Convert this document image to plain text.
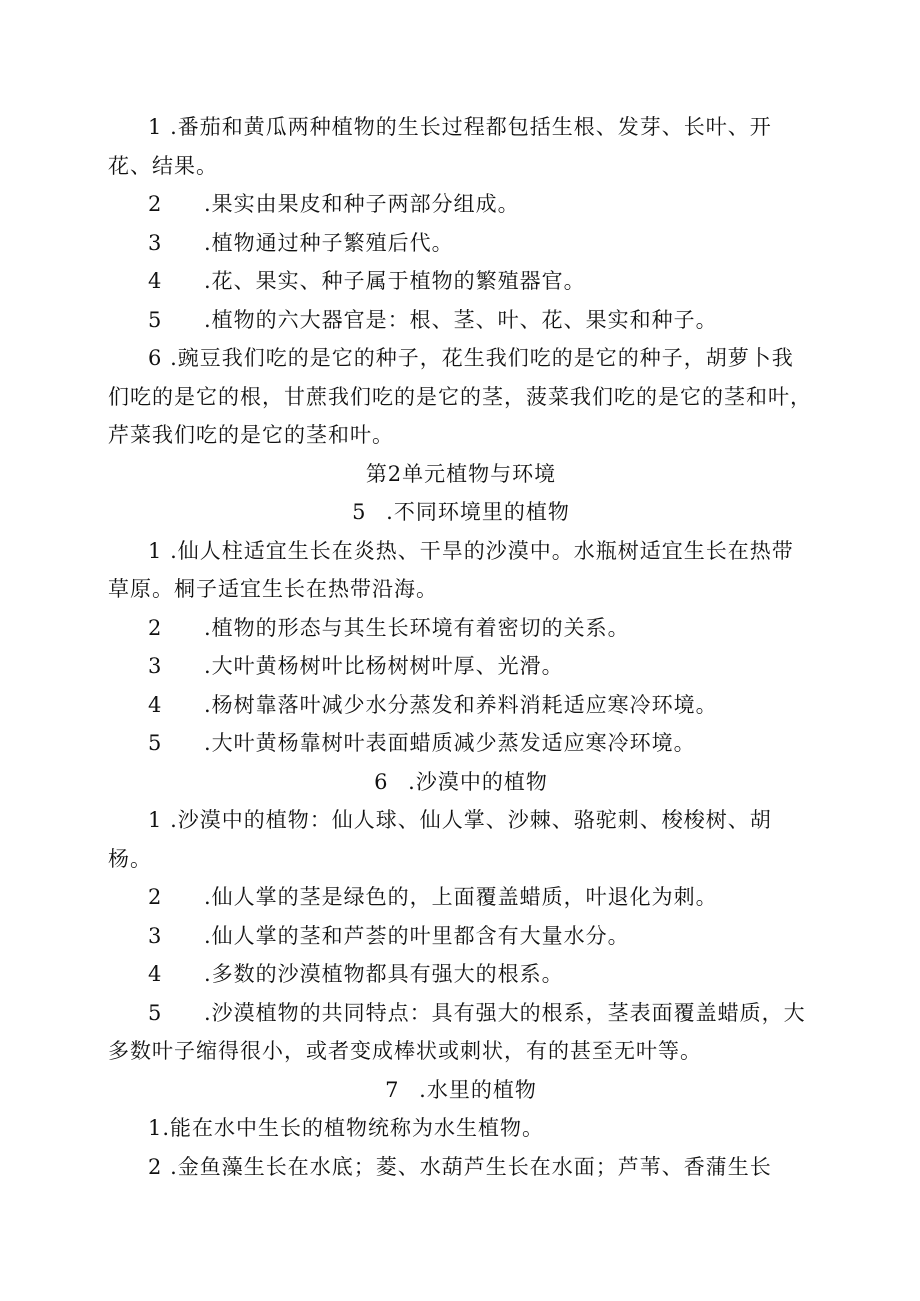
1 .番茄和黄瓜两种植物的生长过程都包括生根、发芽、长叶、开花、结果。

2 .果实由果皮和种子两部分组成。

3 .植物通过种子繁殖后代。

4 .花、果实、种子属于植物的繁殖器官。

5 .植物的六大器官是：根、茎、叶、花、果实和种子。

6 .豌豆我们吃的是它的种子，花生我们吃的是它的种子，胡萝卜我们吃的是它的根，甘蔗我们吃的是它的茎，菠菜我们吃的是它的茎和叶，芹菜我们吃的是它的茎和叶。

第2单元植物与环境

5 .不同环境里的植物

1 .仙人柱适宜生长在炎热、干旱的沙漠中。水瓶树适宜生长在热带草原。桐子适宜生长在热带沿海。

2 .植物的形态与其生长环境有着密切的关系。

3 .大叶黄杨树叶比杨树树叶厚、光滑。

4 .杨树靠落叶减少水分蒸发和养料消耗适应寒冷环境。

5 .大叶黄杨靠树叶表面蜡质减少蒸发适应寒冷环境。

6 .沙漠中的植物

1 .沙漠中的植物：仙人球、仙人掌、沙棘、骆驼刺、梭梭树、胡杨。

2 .仙人掌的茎是绿色的，上面覆盖蜡质，叶退化为刺。

3 .仙人掌的茎和芦荟的叶里都含有大量水分。

4 .多数的沙漠植物都具有强大的根系。

5 .沙漠植物的共同特点：具有强大的根系，茎表面覆盖蜡质，大多数叶子缩得很小，或者变成棒状或刺状，有的甚至无叶等。

7 .水里的植物

1.能在水中生长的植物统称为水生植物。

2 .金鱼藻生长在水底；菱、水葫芦生长在水面；芦苇、香蒲生长
